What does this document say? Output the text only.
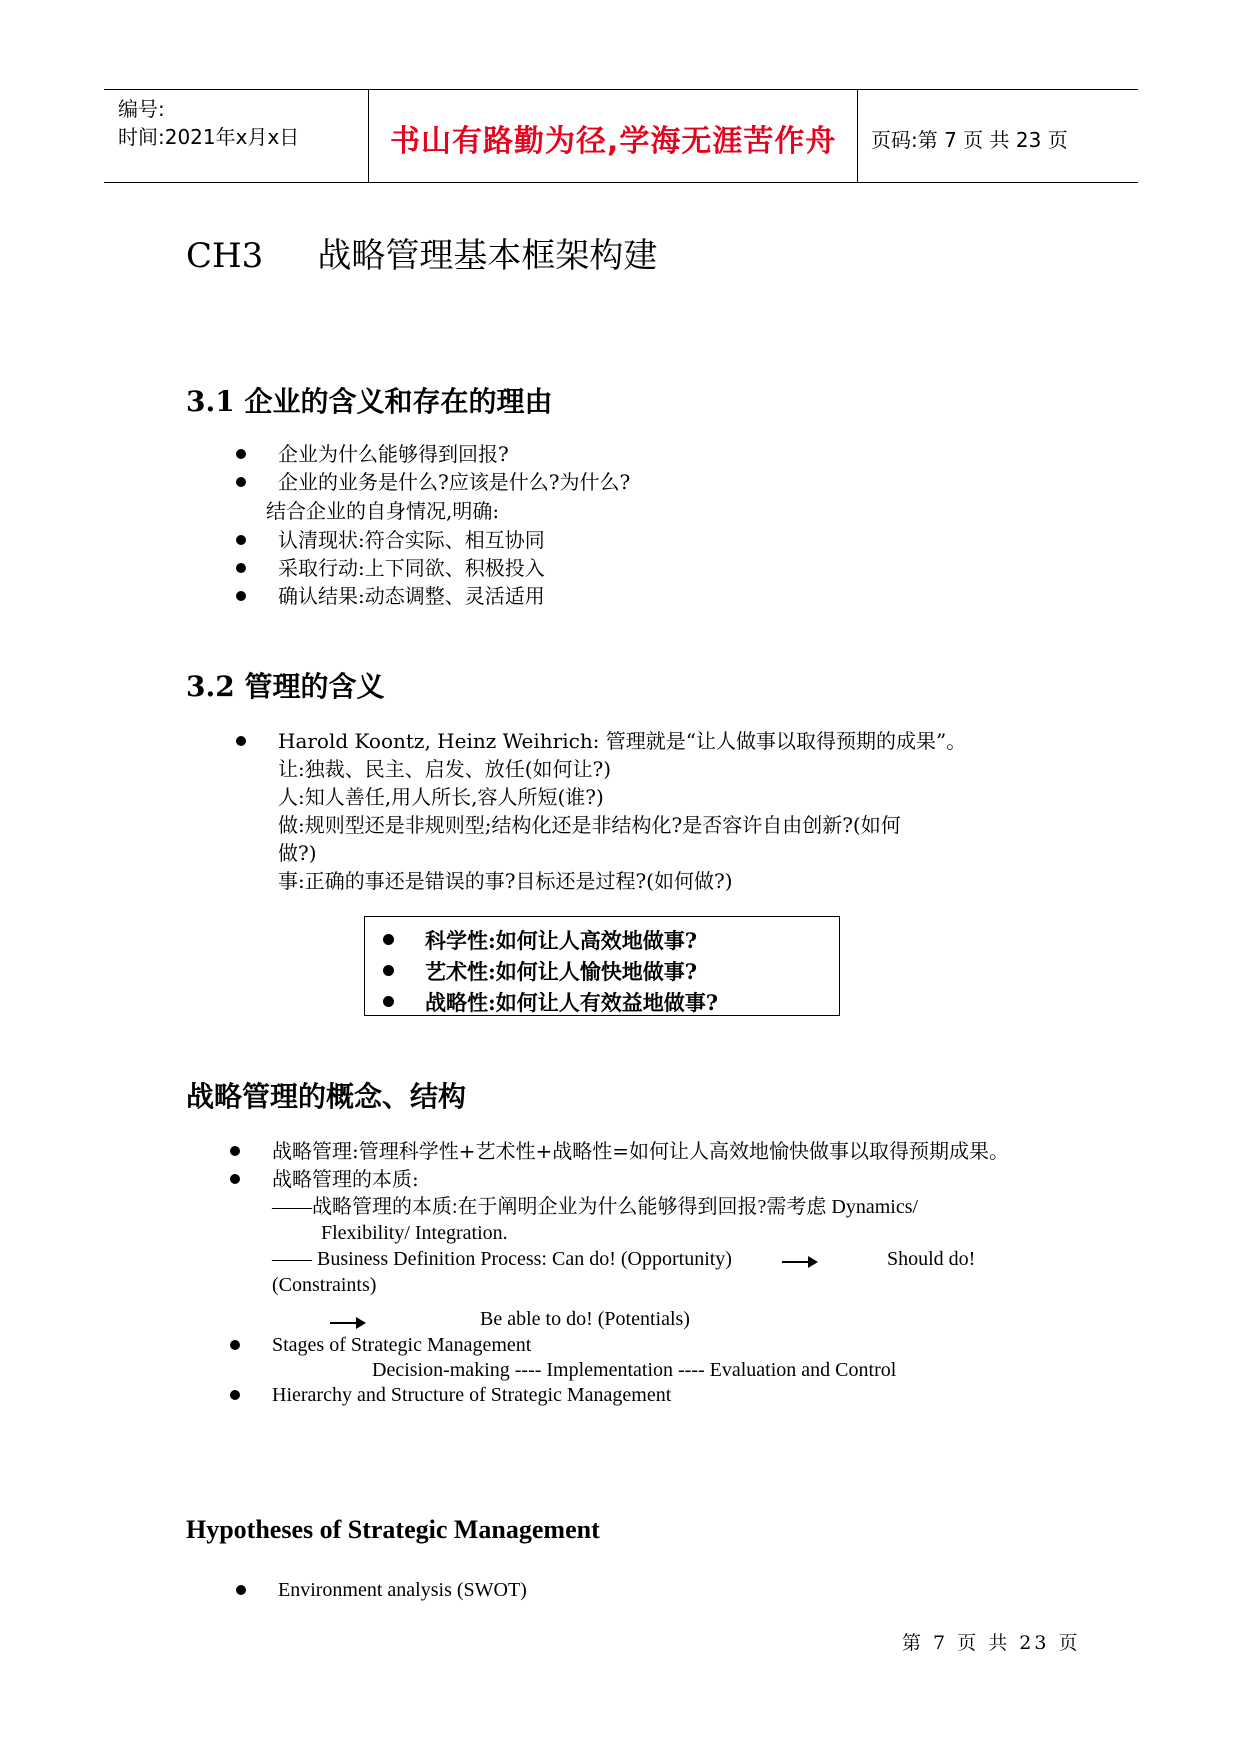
编号:
时间:2021年x月x日	书山有路勤为径,学海无涯苦作舟 页码:第 7 页 共 23 页
CH3     战略管理基本框架构建
3.1 企业的含义和存在的理由
企业为什么能够得到回报?
企业的业务是什么?应该是什么?为什么?
结合企业的自身情况,明确:
认清现状:符合实际、相互协同
采取行动:上下同欲、积极投入
确认结果:动态调整、灵活适用
3.2 管理的含义
Harold Koontz, Heinz Weihrich: 管理就是“让人做事以取得预期的成果”。
让:独裁、民主、启发、放任(如何让?)
人:知人善任,用人所长,容人所短(谁?)
做:规则型还是非规则型;结构化还是非结构化?是否容许自由创新?(如何
做?)
事:正确的事还是错误的事?目标还是过程?(如何做?)
科学性:如何让人高效地做事?
艺术性:如何让人愉快地做事?
战略性:如何让人有效益地做事?
战略管理的概念、结构
战略管理:管理科学性+艺术性+战略性=如何让人高效地愉快做事以取得预期成果。
战略管理的本质:
——战略管理的本质:在于阐明企业为什么能够得到回报?需考虑 Dynamics/
Flexibility/ Integration.
—— Business Definition Process: Can do! (Opportunity)	Should do!
(Constraints)
Be able to do! (Potentials)
Stages of Strategic Management
Decision-making ---- Implementation ---- Evaluation and Control
Hierarchy and Structure of Strategic Management
Hypotheses of Strategic Management
Environment analysis (SWOT)
第 7 页 共 23 页
